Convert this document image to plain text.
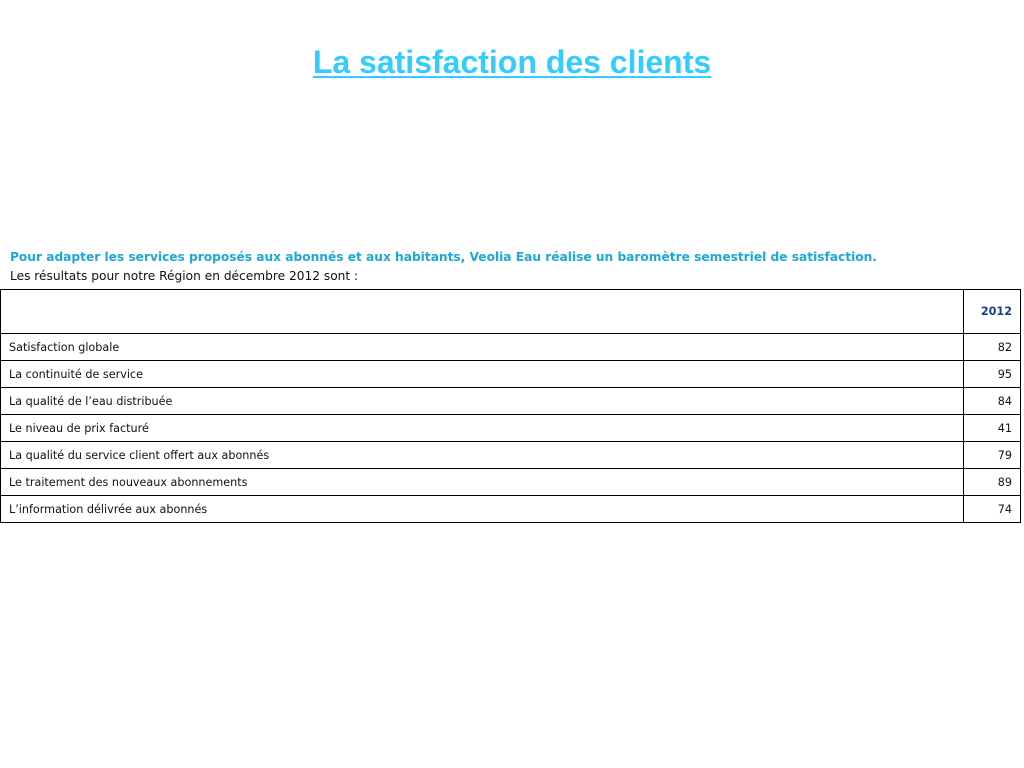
La satisfaction des clients
Pour adapter les services proposés aux abonnés et aux habitants, Veolia Eau réalise un baromètre semestriel de satisfaction.
Les résultats pour notre Région en décembre 2012 sont :
	2012
Satisfaction globale	82
La continuité de service	95
La qualité de l’eau distribuée	84
Le niveau de prix facturé	41
La qualité du service client offert aux abonnés	79
Le traitement des nouveaux abonnements	89
L’information délivrée aux abonnés	74
